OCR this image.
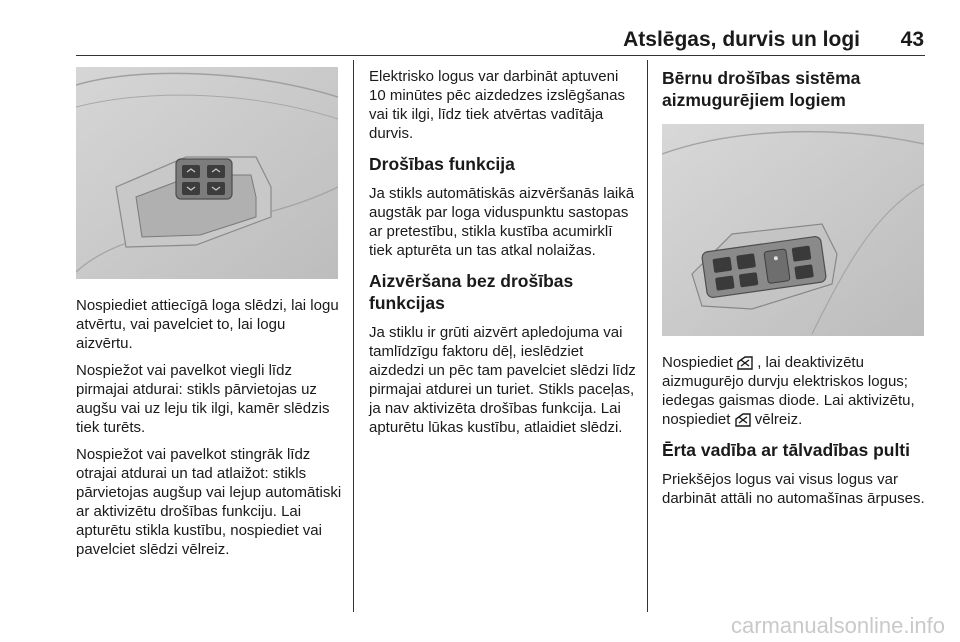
Atslēgas, durvis un logi	43

Nospiediet attiecīgā loga slēdzi, lai logu atvērtu, vai pavelciet to, lai logu aizvērtu.

Nospiežot vai pavelkot viegli līdz pirmajai atdurai: stikls pārvietojas uz augšu vai uz leju tik ilgi, kamēr slēdzis tiek turēts.

Nospiežot vai pavelkot stingrāk līdz otrajai atdurai un tad atlaižot: stikls pārvietojas augšup vai lejup automātiski ar aktivizētu drošības funkciju. Lai apturētu stikla kustību, nospiediet vai pavelciet slēdzi vēlreiz.

Elektrisko logus var darbināt aptuveni 10 minūtes pēc aizdedzes izslēgšanas vai tik ilgi, līdz tiek atvērtas vadītāja durvis.

Drošības funkcija

Ja stikls automātiskās aizvēršanās laikā augstāk par loga viduspunktu sastopas ar pretestību, stikla kustība acumirklī tiek apturēta un tas atkal nolaižas.

Aizvēršana bez drošības funkcijas

Ja stiklu ir grūti aizvērt apledojuma vai tamlīdzīgu faktoru dēļ, ieslēdziet aizdedzi un pēc tam pavelciet slēdzi līdz pirmajai atdurei un turiet. Stikls paceļas, ja nav aktivizēta drošības funkcija. Lai apturētu lūkas kustību, atlaidiet slēdzi.

Bērnu drošības sistēma aizmugurējiem logiem

Nospiediet  , lai deaktivizētu aizmugurējo durvju elektriskos logus; iedegas gaismas diode. Lai aktivizētu, nospiediet  vēlreiz.

Ērta vadība ar tālvadības pulti

Priekšējos logus vai visus logus var darbināt attāli no automašīnas ārpuses.

carmanualsonline.info
